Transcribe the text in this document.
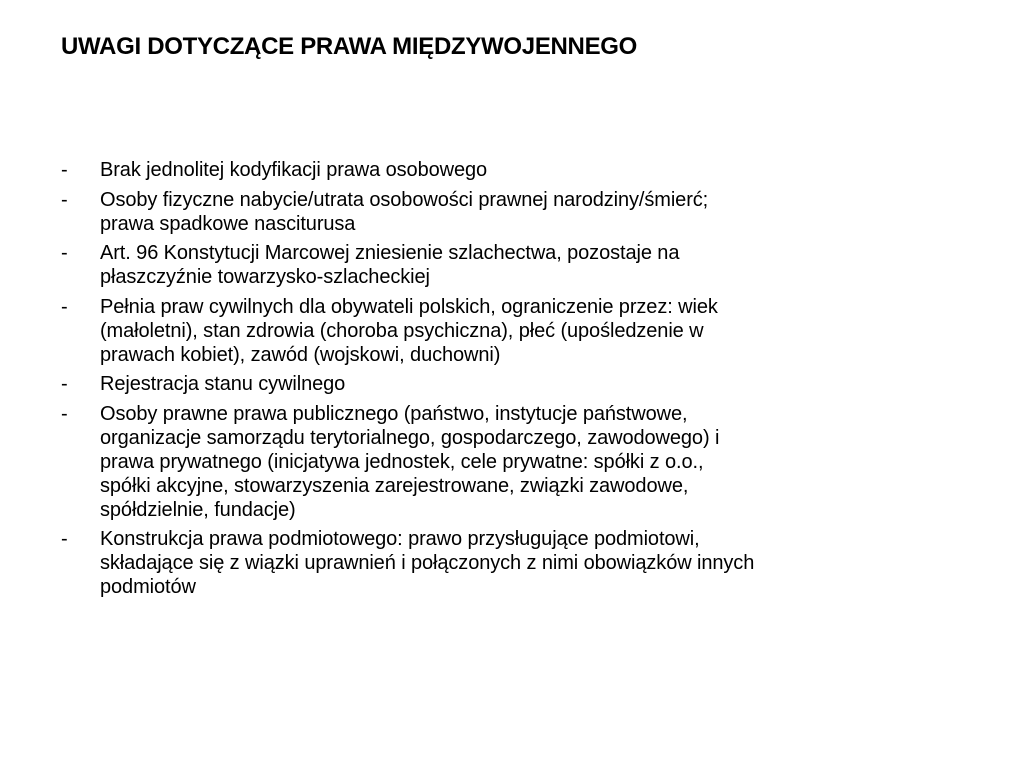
UWAGI DOTYCZĄCE PRAWA MIĘDZYWOJENNEGO
-	Brak jednolitej kodyfikacji prawa osobowego
-	Osoby fizyczne nabycie/utrata osobowości prawnej narodziny/śmierć;
prawa spadkowe nasciturusa
-	Art. 96 Konstytucji Marcowej zniesienie szlachectwa, pozostaje na
płaszczyźnie towarzysko-szlacheckiej
-	Pełnia praw cywilnych dla obywateli polskich, ograniczenie przez: wiek
(małoletni), stan zdrowia (choroba psychiczna), płeć (upośledzenie w
prawach kobiet), zawód (wojskowi, duchowni)
-	Rejestracja stanu cywilnego
-	Osoby prawne prawa publicznego (państwo, instytucje państwowe,
organizacje samorządu terytorialnego, gospodarczego, zawodowego) i
prawa prywatnego (inicjatywa jednostek, cele prywatne: spółki z o.o.,
spółki akcyjne, stowarzyszenia zarejestrowane, związki zawodowe,
spółdzielnie, fundacje)
-	Konstrukcja prawa podmiotowego: prawo przysługujące podmiotowi,
składające się z wiązki uprawnień i połączonych z nimi obowiązków innych
podmiotów
